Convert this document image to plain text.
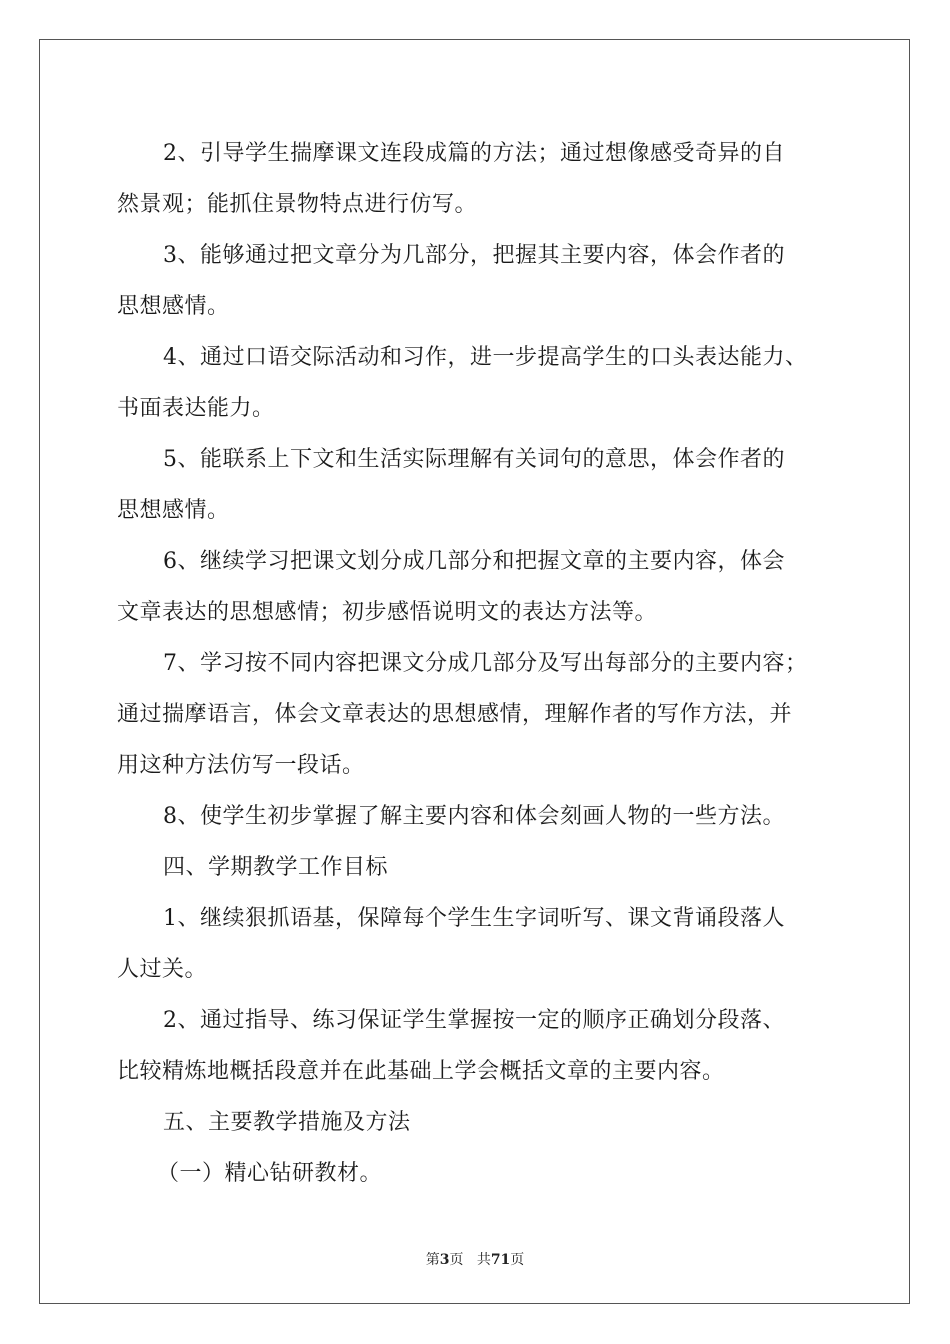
2、引导学生揣摩课文连段成篇的方法；通过想像感受奇异的自
然景观；能抓住景物特点进行仿写。
3、能够通过把文章分为几部分，把握其主要内容，体会作者的
思想感情。
4、通过口语交际活动和习作，进一步提高学生的口头表达能力、
书面表达能力。
5、能联系上下文和生活实际理解有关词句的意思，体会作者的
思想感情。
6、继续学习把课文划分成几部分和把握文章的主要内容，体会
文章表达的思想感情；初步感悟说明文的表达方法等。
7、学习按不同内容把课文分成几部分及写出每部分的主要内容；
通过揣摩语言，体会文章表达的思想感情，理解作者的写作方法，并
用这种方法仿写一段话。
8、使学生初步掌握了解主要内容和体会刻画人物的一些方法。
四、学期教学工作目标
1、继续狠抓语基，保障每个学生生字词听写、课文背诵段落人
人过关。
2、通过指导、练习保证学生掌握按一定的顺序正确划分段落、
比较精炼地概括段意并在此基础上学会概括文章的主要内容。
五、主要教学措施及方法
（一）精心钻研教材。
第3页 共71页
